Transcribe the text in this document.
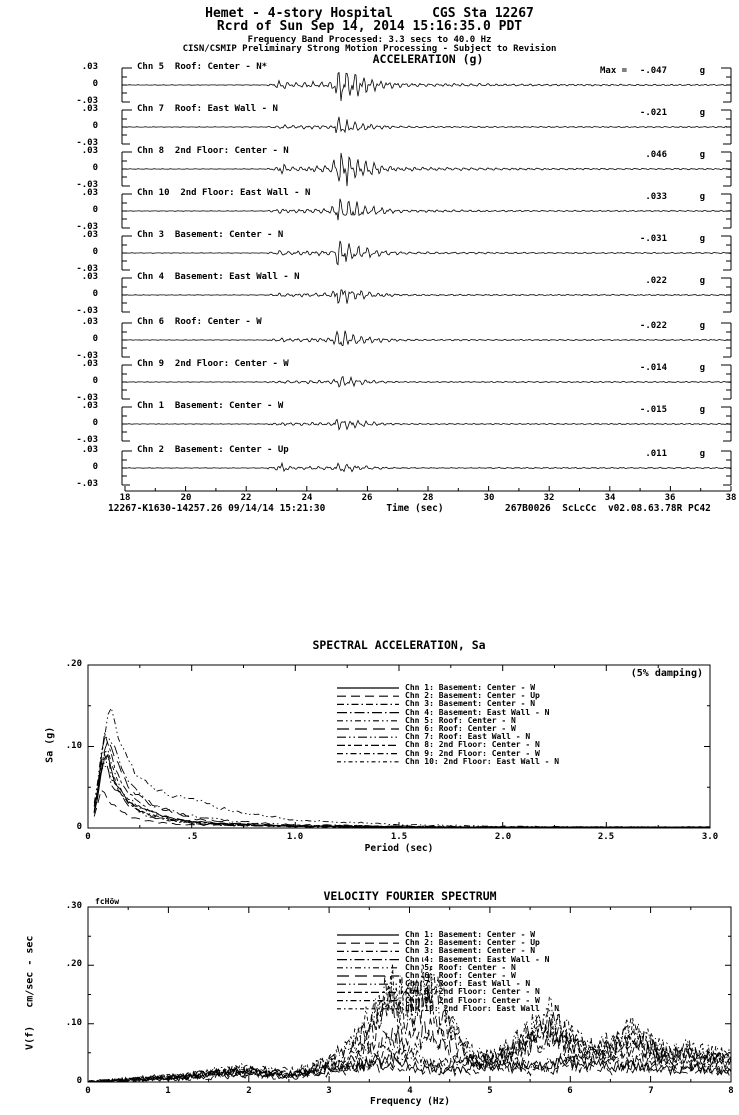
Hemet - 4-story Hospital     CGS Sta 12267
Rcrd of Sun Sep 14, 2014 15:16:35.0 PDT
Frequency Band Processed: 3.3 secs to 40.0 Hz
CISN/CSMIP Preliminary Strong Motion Processing - Subject to Revision
ACCELERATION (g)
12267-K1630-14257.26 09/14/14 15:21:30	Time (sec)	267B0026  ScLcCc  v02.08.63.78R PC42
SPECTRAL ACCELERATION, Sa
(5% damping)
Sa (g)
Period (sec)
VELOCITY FOURIER SPECTRUM
fcHöw
V(f)   cm/sec - sec
Frequency (Hz)
.03
0
-.03
Chn 5  Roof: Center - N*	Max =	-.047	g
.03
0
-.03
Chn 7  Roof: East Wall - N	-.021	g
.03
0
-.03
Chn 8  2nd Floor: Center - N	.046	g
.03
0
-.03
Chn 10  2nd Floor: East Wall - N	.033	g
.03
0
-.03
Chn 3  Basement: Center - N	-.031	g
.03
0
-.03
Chn 4  Basement: East Wall - N	.022	g
.03
0
-.03
Chn 6  Roof: Center - W	-.022	g
.03
0
-.03
Chn 9  2nd Floor: Center - W	-.014	g
.03
0
-.03
Chn 1  Basement: Center - W	-.015	g
.03
0
-.03
Chn 2  Basement: Center - Up	.011	g
18	20	22	24	26	28	30	32	34	36	38
0	.5	1.0	1.5	2.0	2.5	3.0
0
.10
.20
Chn 1: Basement: Center - W
Chn 2: Basement: Center - Up
Chn 3: Basement: Center - N
Chn 4: Basement: East Wall - N
Chn 5: Roof: Center - N
Chn 6: Roof: Center - W
Chn 7: Roof: East Wall - N
Chn 8: 2nd Floor: Center - N
Chn 9: 2nd Floor: Center - W
Chn 10: 2nd Floor: East Wall - N
0	1	2	3	4	5	6	7	8
0
.10
.20
.30
Chn 1: Basement: Center - W
Chn 2: Basement: Center - Up
Chn 3: Basement: Center - N
Chn 4: Basement: East Wall - N
Chn 5: Roof: Center - N
Chn 6: Roof: Center - W
Chn 7: Roof: East Wall - N
Chn 8: 2nd Floor: Center - N
Chn 9: 2nd Floor: Center - W
Chn 10: 2nd Floor: East Wall - N
